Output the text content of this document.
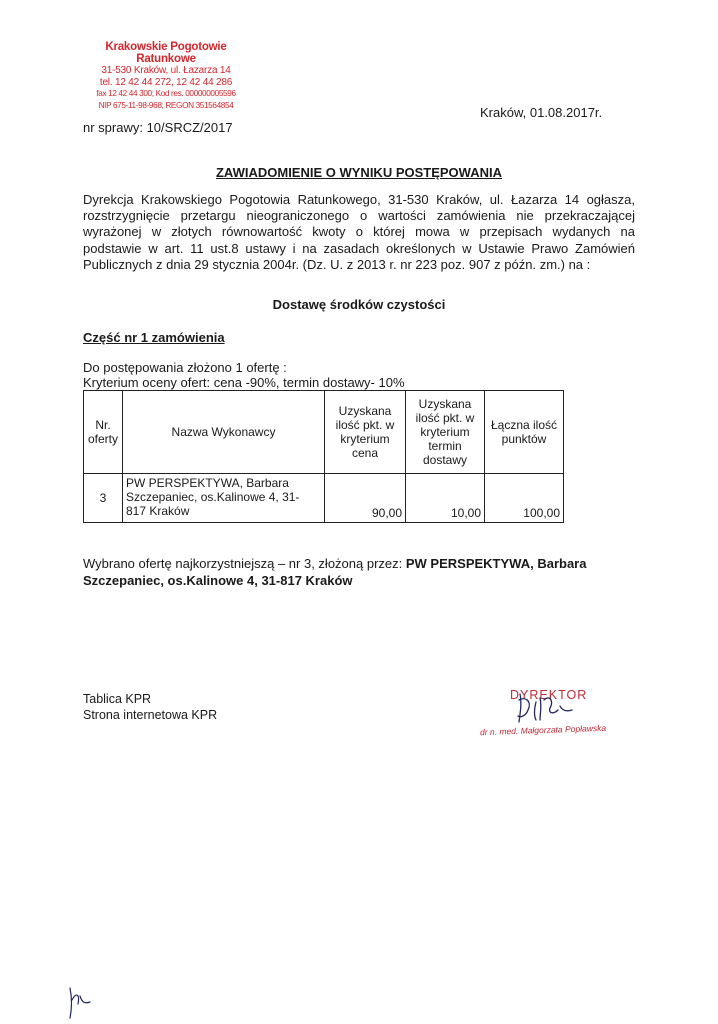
Krakowskie Pogotowie Ratunkowe
31-530 Kraków, ul. Łazarza 14
tel. 12 42 44 272, 12 42 44 286
fax 12 42 44 300; Kod res. 000000005596
NIP 675-11-98-968; REGON 351564854	Kraków, 01.08.2017r.
nr sprawy: 10/SRCZ/2017
ZAWIADOMIENIE O WYNIKU POSTĘPOWANIA
Dyrekcja Krakowskiego Pogotowia Ratunkowego, 31-530 Kraków, ul. Łazarza 14 ogłasza,
rozstrzygnięcie przetargu nieograniczonego o wartości zamówienia nie przekraczającej
wyrażonej w złotych równowartość kwoty o której mowa w przepisach wydanych na
podstawie w art. 11 ust.8 ustawy i na zasadach określonych w Ustawie Prawo Zamówień
Publicznych z dnia 29 stycznia 2004r. (Dz. U. z 2013 r. nr 223 poz. 907 z późn. zm.) na :
Dostawę środków czystości
Część nr 1 zamówienia
Do postępowania złożono 1 ofertę :
Kryterium oceny ofert: cena -90%, termin dostawy- 10%
Nr.
oferty	Nazwa Wykonawcy	Uzyskana
ilość pkt. w
kryterium
cena	Uzyskana
ilość pkt. w
kryterium
termin
dostawy	Łączna ilość
punktów
3	PW PERSPEKTYWA, Barbara
Szczepaniec, os.Kalinowe 4, 31-
817 Kraków	90,00	10,00	100,00
Wybrano ofertę najkorzystniejszą – nr 3, złożoną przez: PW PERSPEKTYWA, Barbara
Szczepaniec, os.Kalinowe 4, 31-817 Kraków
Tablica KPR
Strona internetowa KPR
DYREKTOR
dr n. med. Małgorzata Popławska
